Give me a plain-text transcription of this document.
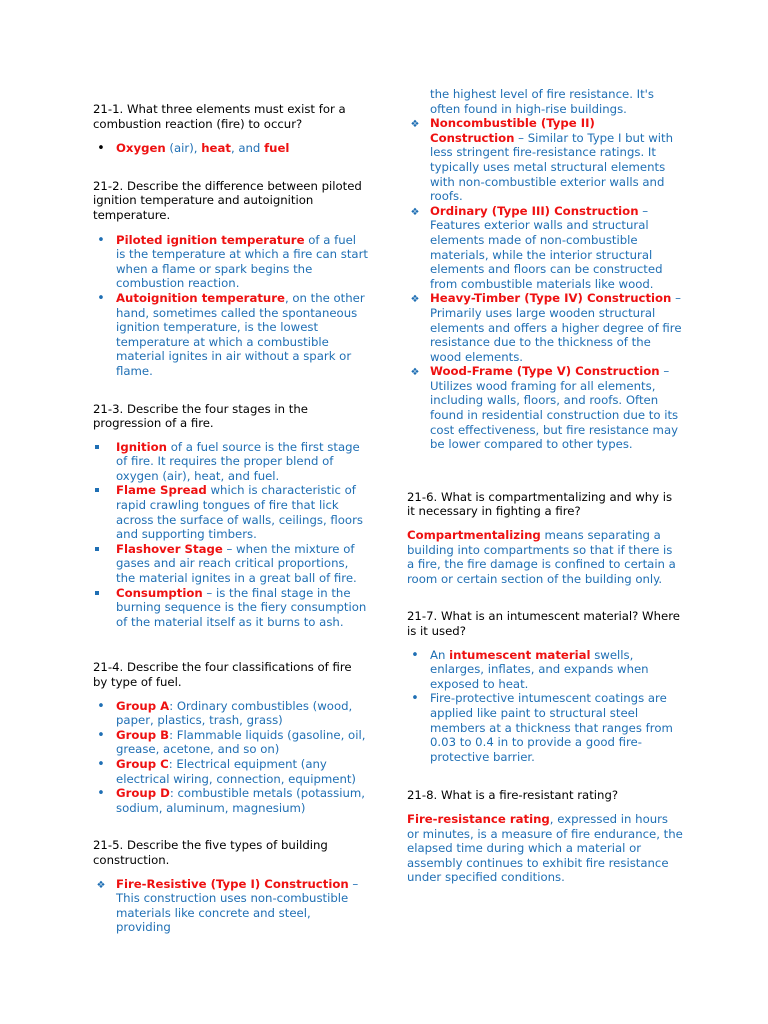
21-1. What three elements must exist for a combustion reaction (fire) to occur?

•
Oxygen (air), heat, and fuel

21-2. Describe the difference between piloted ignition temperature and autoignition temperature.

•
Piloted ignition temperature of a fuel is the temperature at which a fire can start when a flame or spark begins the combustion reaction.
•
Autoignition temperature, on the other hand, sometimes called the spontaneous ignition temperature, is the lowest temperature at which a combustible material ignites in air without a spark or flame.

21-3. Describe the four stages in the progression of a fire.

Ignition of a fuel source is the first stage of fire. It requires the proper blend of oxygen (air), heat, and fuel.
Flame Spread which is characteristic of rapid crawling tongues of fire that lick across the surface of walls, ceilings, floors and supporting timbers.
Flashover Stage – when the mixture of gases and air reach critical proportions, the material ignites in a great ball of fire.
Consumption – is the final stage in the burning sequence is the fiery consumption of the material itself as it burns to ash.

21-4. Describe the four classifications of fire by type of fuel.

•
Group A: Ordinary combustibles (wood, paper, plastics, trash, grass)
•
Group B: Flammable liquids (gasoline, oil, grease, acetone, and so on)
•
Group C: Electrical equipment (any electrical wiring, connection, equipment)
•
Group D: combustible metals (potassium, sodium, aluminum, magnesium)

21-5. Describe the five types of building construction.

❖
Fire-Resistive (Type I) Construction – This construction uses non-combustible materials like concrete and steel, providing
the highest level of fire resistance. It's often found in high-rise buildings.
❖
Noncombustible (Type II) Construction – Similar to Type I but with less stringent fire-resistance ratings. It typically uses metal structural elements with non-combustible exterior walls and roofs.
❖
Ordinary (Type III) Construction – Features exterior walls and structural elements made of non-combustible materials, while the interior structural elements and floors can be constructed from combustible materials like wood.
❖
Heavy-Timber (Type IV) Construction – Primarily uses large wooden structural elements and offers a higher degree of fire resistance due to the thickness of the wood elements.
❖
Wood-Frame (Type V) Construction – Utilizes wood framing for all elements, including walls, floors, and roofs. Often found in residential construction due to its cost effectiveness, but fire resistance may be lower compared to other types.

21-6. What is compartmentalizing and why is it necessary in fighting a fire?

Compartmentalizing means separating a building into compartments so that if there is a fire, the fire damage is confined to certain a room or certain section of the building only.

21-7. What is an intumescent material? Where is it used?

•
An intumescent material swells, enlarges, inflates, and expands when exposed to heat.
•
Fire-protective intumescent coatings are applied like paint to structural steel members at a thickness that ranges from 0.03 to 0.4 in to provide a good fire-protective barrier.

21-8. What is a fire-resistant rating?

Fire-resistance rating, expressed in hours or minutes, is a measure of fire endurance, the elapsed time during which a material or assembly continues to exhibit fire resistance under specified conditions.
